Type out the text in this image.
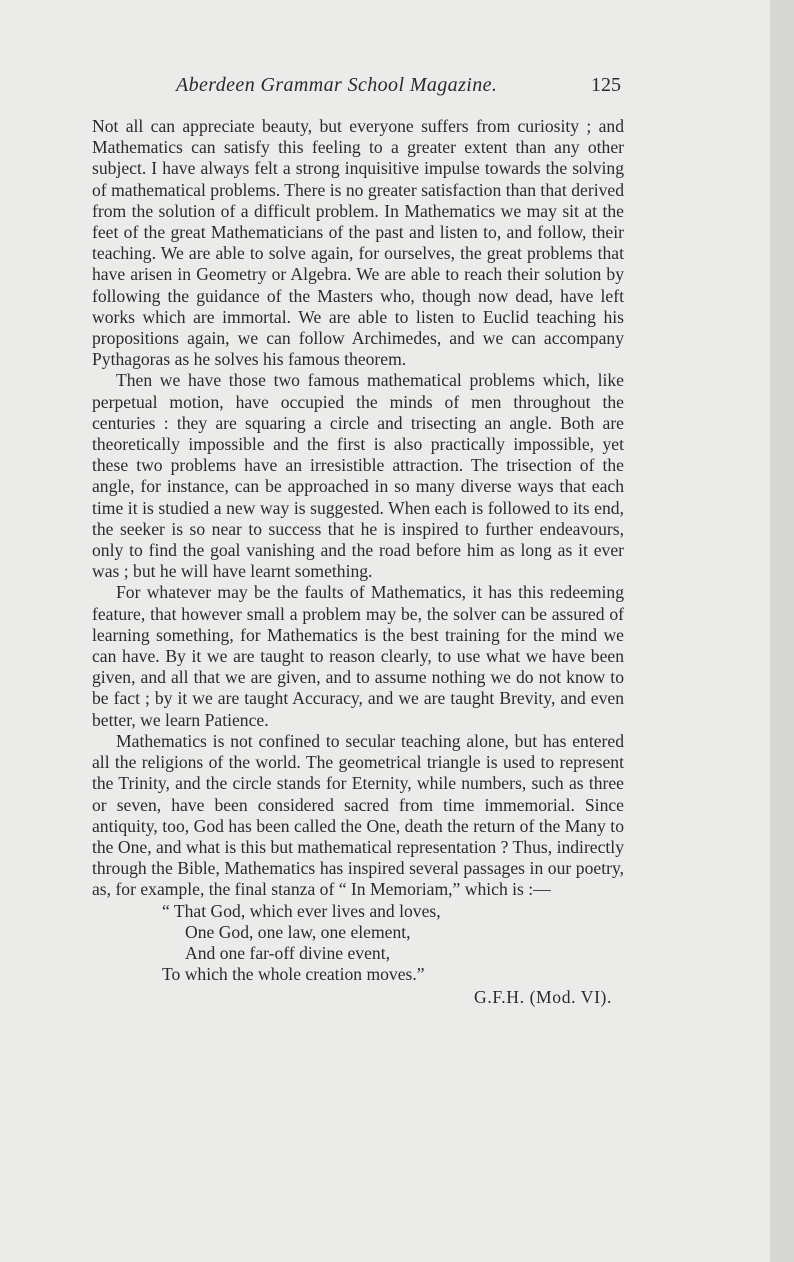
Aberdeen Grammar School Magazine.	125

Not all can appreciate beauty, but everyone suffers from curiosity ; and Mathematics can satisfy this feeling to a greater extent than any other subject. I have always felt a strong inquisitive impulse towards the solving of mathematical problems. There is no greater satisfaction than that derived from the solution of a difficult problem. In Mathematics we may sit at the feet of the great Mathematicians of the past and listen to, and follow, their teaching. We are able to solve again, for ourselves, the great problems that have arisen in Geometry or Algebra. We are able to reach their solution by following the guidance of the Masters who, though now dead, have left works which are immortal. We are able to listen to Euclid teaching his propositions again, we can follow Archimedes, and we can accompany Pythagoras as he solves his famous theorem.

Then we have those two famous mathematical problems which, like perpetual motion, have occupied the minds of men throughout the centuries : they are squaring a circle and trisecting an angle. Both are theoretically impossible and the first is also practically impossible, yet these two problems have an irresistible attraction. The trisection of the angle, for instance, can be approached in so many diverse ways that each time it is studied a new way is suggested. When each is followed to its end, the seeker is so near to success that he is inspired to further endeavours, only to find the goal vanishing and the road before him as long as it ever was ; but he will have learnt something.

For whatever may be the faults of Mathematics, it has this redeeming feature, that however small a problem may be, the solver can be assured of learning something, for Mathematics is the best training for the mind we can have. By it we are taught to reason clearly, to use what we have been given, and all that we are given, and to assume nothing we do not know to be fact ; by it we are taught Accuracy, and we are taught Brevity, and even better, we learn Patience.

Mathematics is not confined to secular teaching alone, but has entered all the religions of the world. The geometrical triangle is used to represent the Trinity, and the circle stands for Eternity, while numbers, such as three or seven, have been considered sacred from time immemorial. Since antiquity, too, God has been called the One, death the return of the Many to the One, and what is this but mathematical representation ? Thus, indirectly through the Bible, Mathematics has inspired several passages in our poetry, as, for example, the final stanza of “ In Memoriam,” which is :—

“ That God, which ever lives and loves,
One God, one law, one element,
And one far-off divine event,
To which the whole creation moves.”
G.F.H. (Mod. VI).
